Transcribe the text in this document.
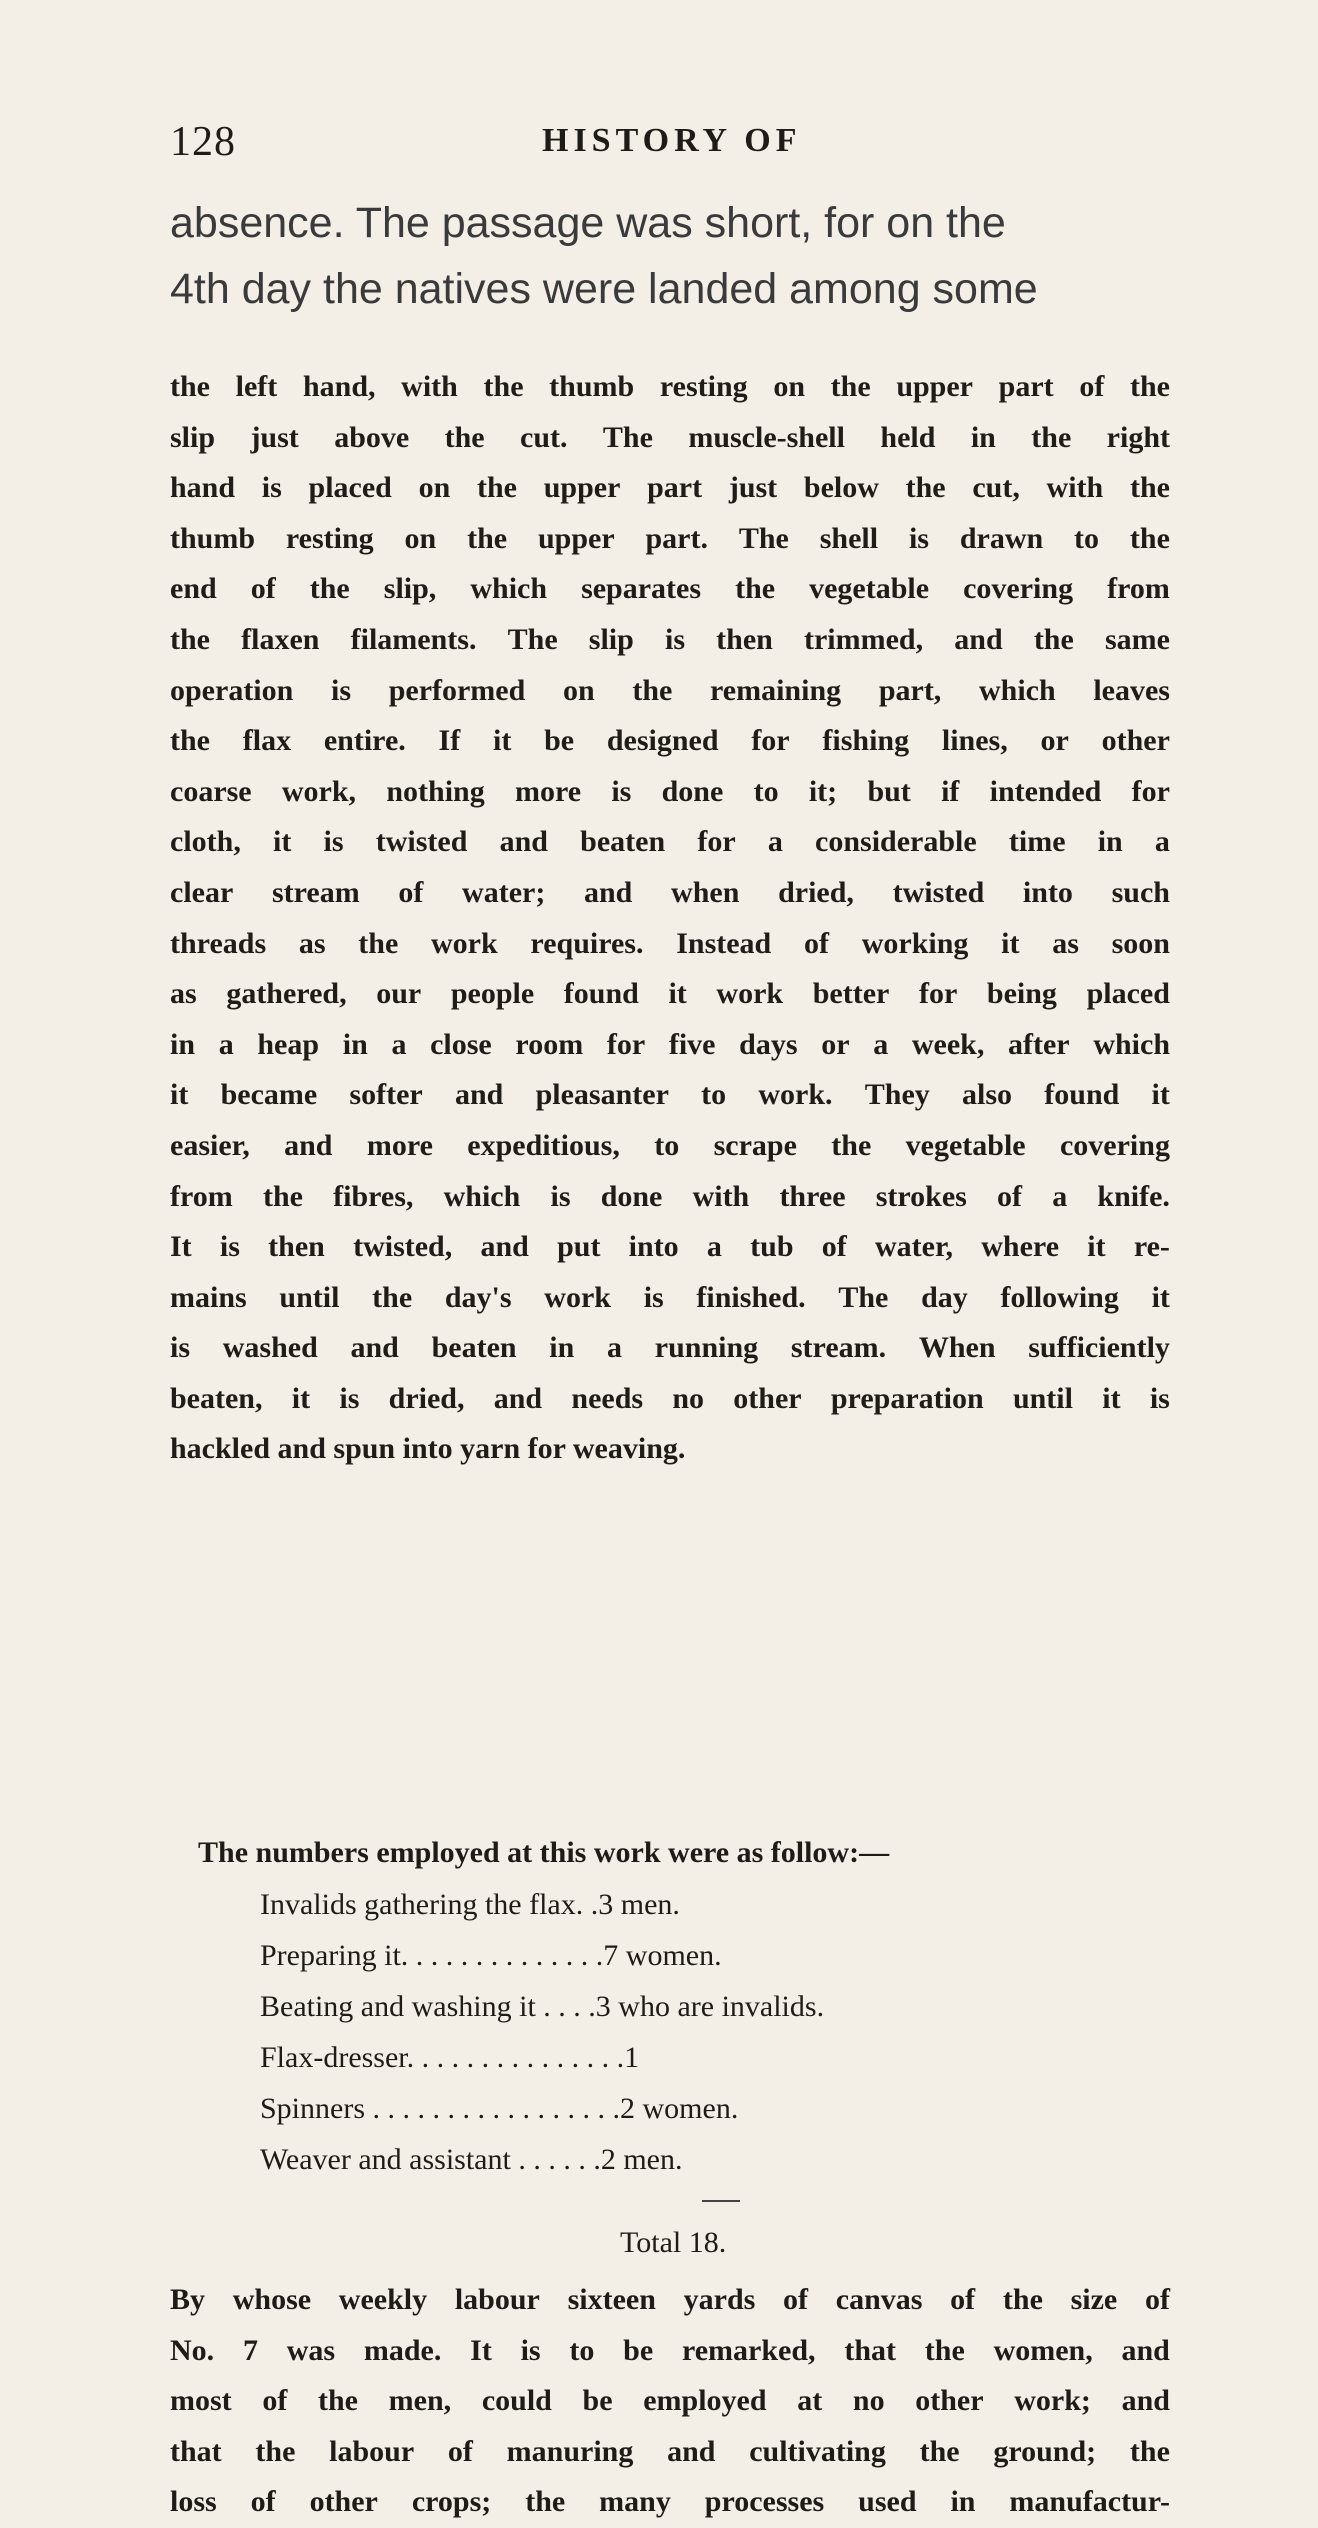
128	HISTORY OF
absence. The passage was short, for on the
4th day the natives were landed among some
the left hand, with the thumb resting on the upper part of the
slip just above the cut. The muscle-shell held in the right
hand is placed on the upper part just below the cut, with the
thumb resting on the upper part. The shell is drawn to the
end of the slip, which separates the vegetable covering from
the flaxen filaments. The slip is then trimmed, and the same
operation is performed on the remaining part, which leaves
the flax entire. If it be designed for fishing lines, or other
coarse work, nothing more is done to it; but if intended for
cloth, it is twisted and beaten for a considerable time in a
clear stream of water; and when dried, twisted into such
threads as the work requires. Instead of working it as soon
as gathered, our people found it work better for being placed
in a heap in a close room for five days or a week, after which
it became softer and pleasanter to work. They also found it
easier, and more expeditious, to scrape the vegetable covering
from the fibres, which is done with three strokes of a knife.
It is then twisted, and put into a tub of water, where it re-
mains until the day's work is finished. The day following it
is washed and beaten in a running stream. When sufficiently
beaten, it is dried, and needs no other preparation until it is
hackled and spun into yarn for weaving.
The numbers employed at this work were as follow:—
Invalids gathering the flax. .3 men.
Preparing it. . . . . . . . . . . . . .7 women.
Beating and washing it . . . .3 who are invalids.
Flax-dresser. . . . . . . . . . . . . . .1
Spinners . . . . . . . . . . . . . . . . .2 women.
Weaver and assistant . . . . . .2 men.
Total 18.
By whose weekly labour sixteen yards of canvas of the size of
No. 7 was made. It is to be remarked, that the women, and
most of the men, could be employed at no other work; and
that the labour of manuring and cultivating the ground; the
loss of other crops; the many processes used in manufactur-
